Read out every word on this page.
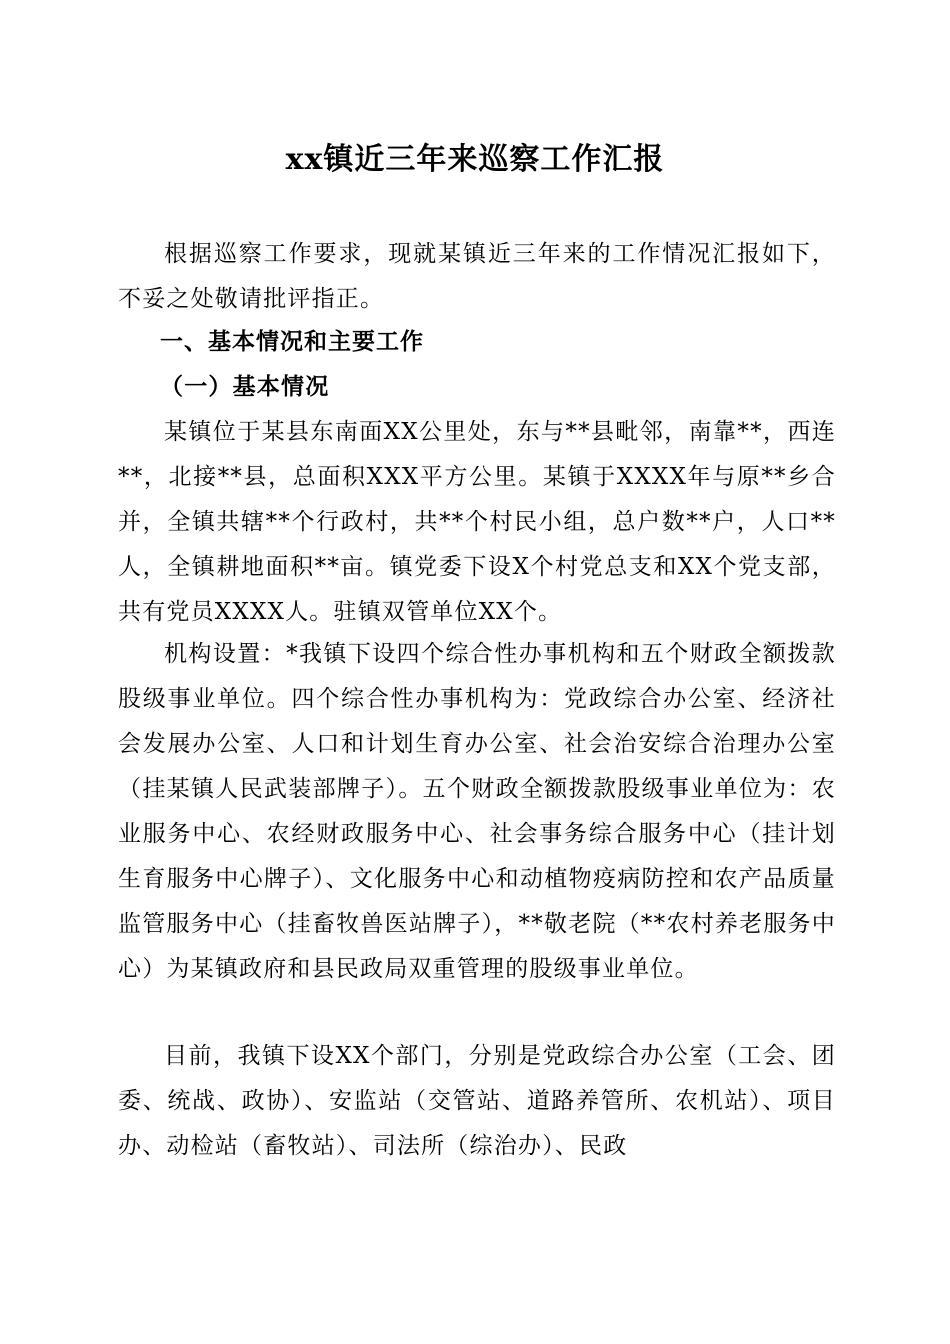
xx镇近三年来巡察工作汇报

根据巡察工作要求，现就某镇近三年来的工作情况汇报如下，不妥之处敬请批评指正。

一、基本情况和主要工作
（一）基本情况

某镇位于某县东南面XX公里处，东与**县毗邻，南靠**，西连**，北接**县，总面积XXX平方公里。某镇于XXXX年与原**乡合并，全镇共辖**个行政村，共**个村民小组，总户数**户，人口**人，全镇耕地面积**亩。镇党委下设X个村党总支和XX个党支部，共有党员XXXX人。驻镇双管单位XX个。

机构设置：*我镇下设四个综合性办事机构和五个财政全额拨款股级事业单位。四个综合性办事机构为：党政综合办公室、经济社会发展办公室、人口和计划生育办公室、社会治安综合治理办公室（挂某镇人民武装部牌子）。五个财政全额拨款股级事业单位为：农业服务中心、农经财政服务中心、社会事务综合服务中心（挂计划生育服务中心牌子）、文化服务中心和动植物疫病防控和农产品质量监管服务中心（挂畜牧兽医站牌子），**敬老院（**农村养老服务中心）为某镇政府和县民政局双重管理的股级事业单位。

目前，我镇下设XX个部门，分别是党政综合办公室（工会、团委、统战、政协）、安监站（交管站、道路养管所、农机站）、项目办、动检站（畜牧站）、司法所（综治办）、民政
